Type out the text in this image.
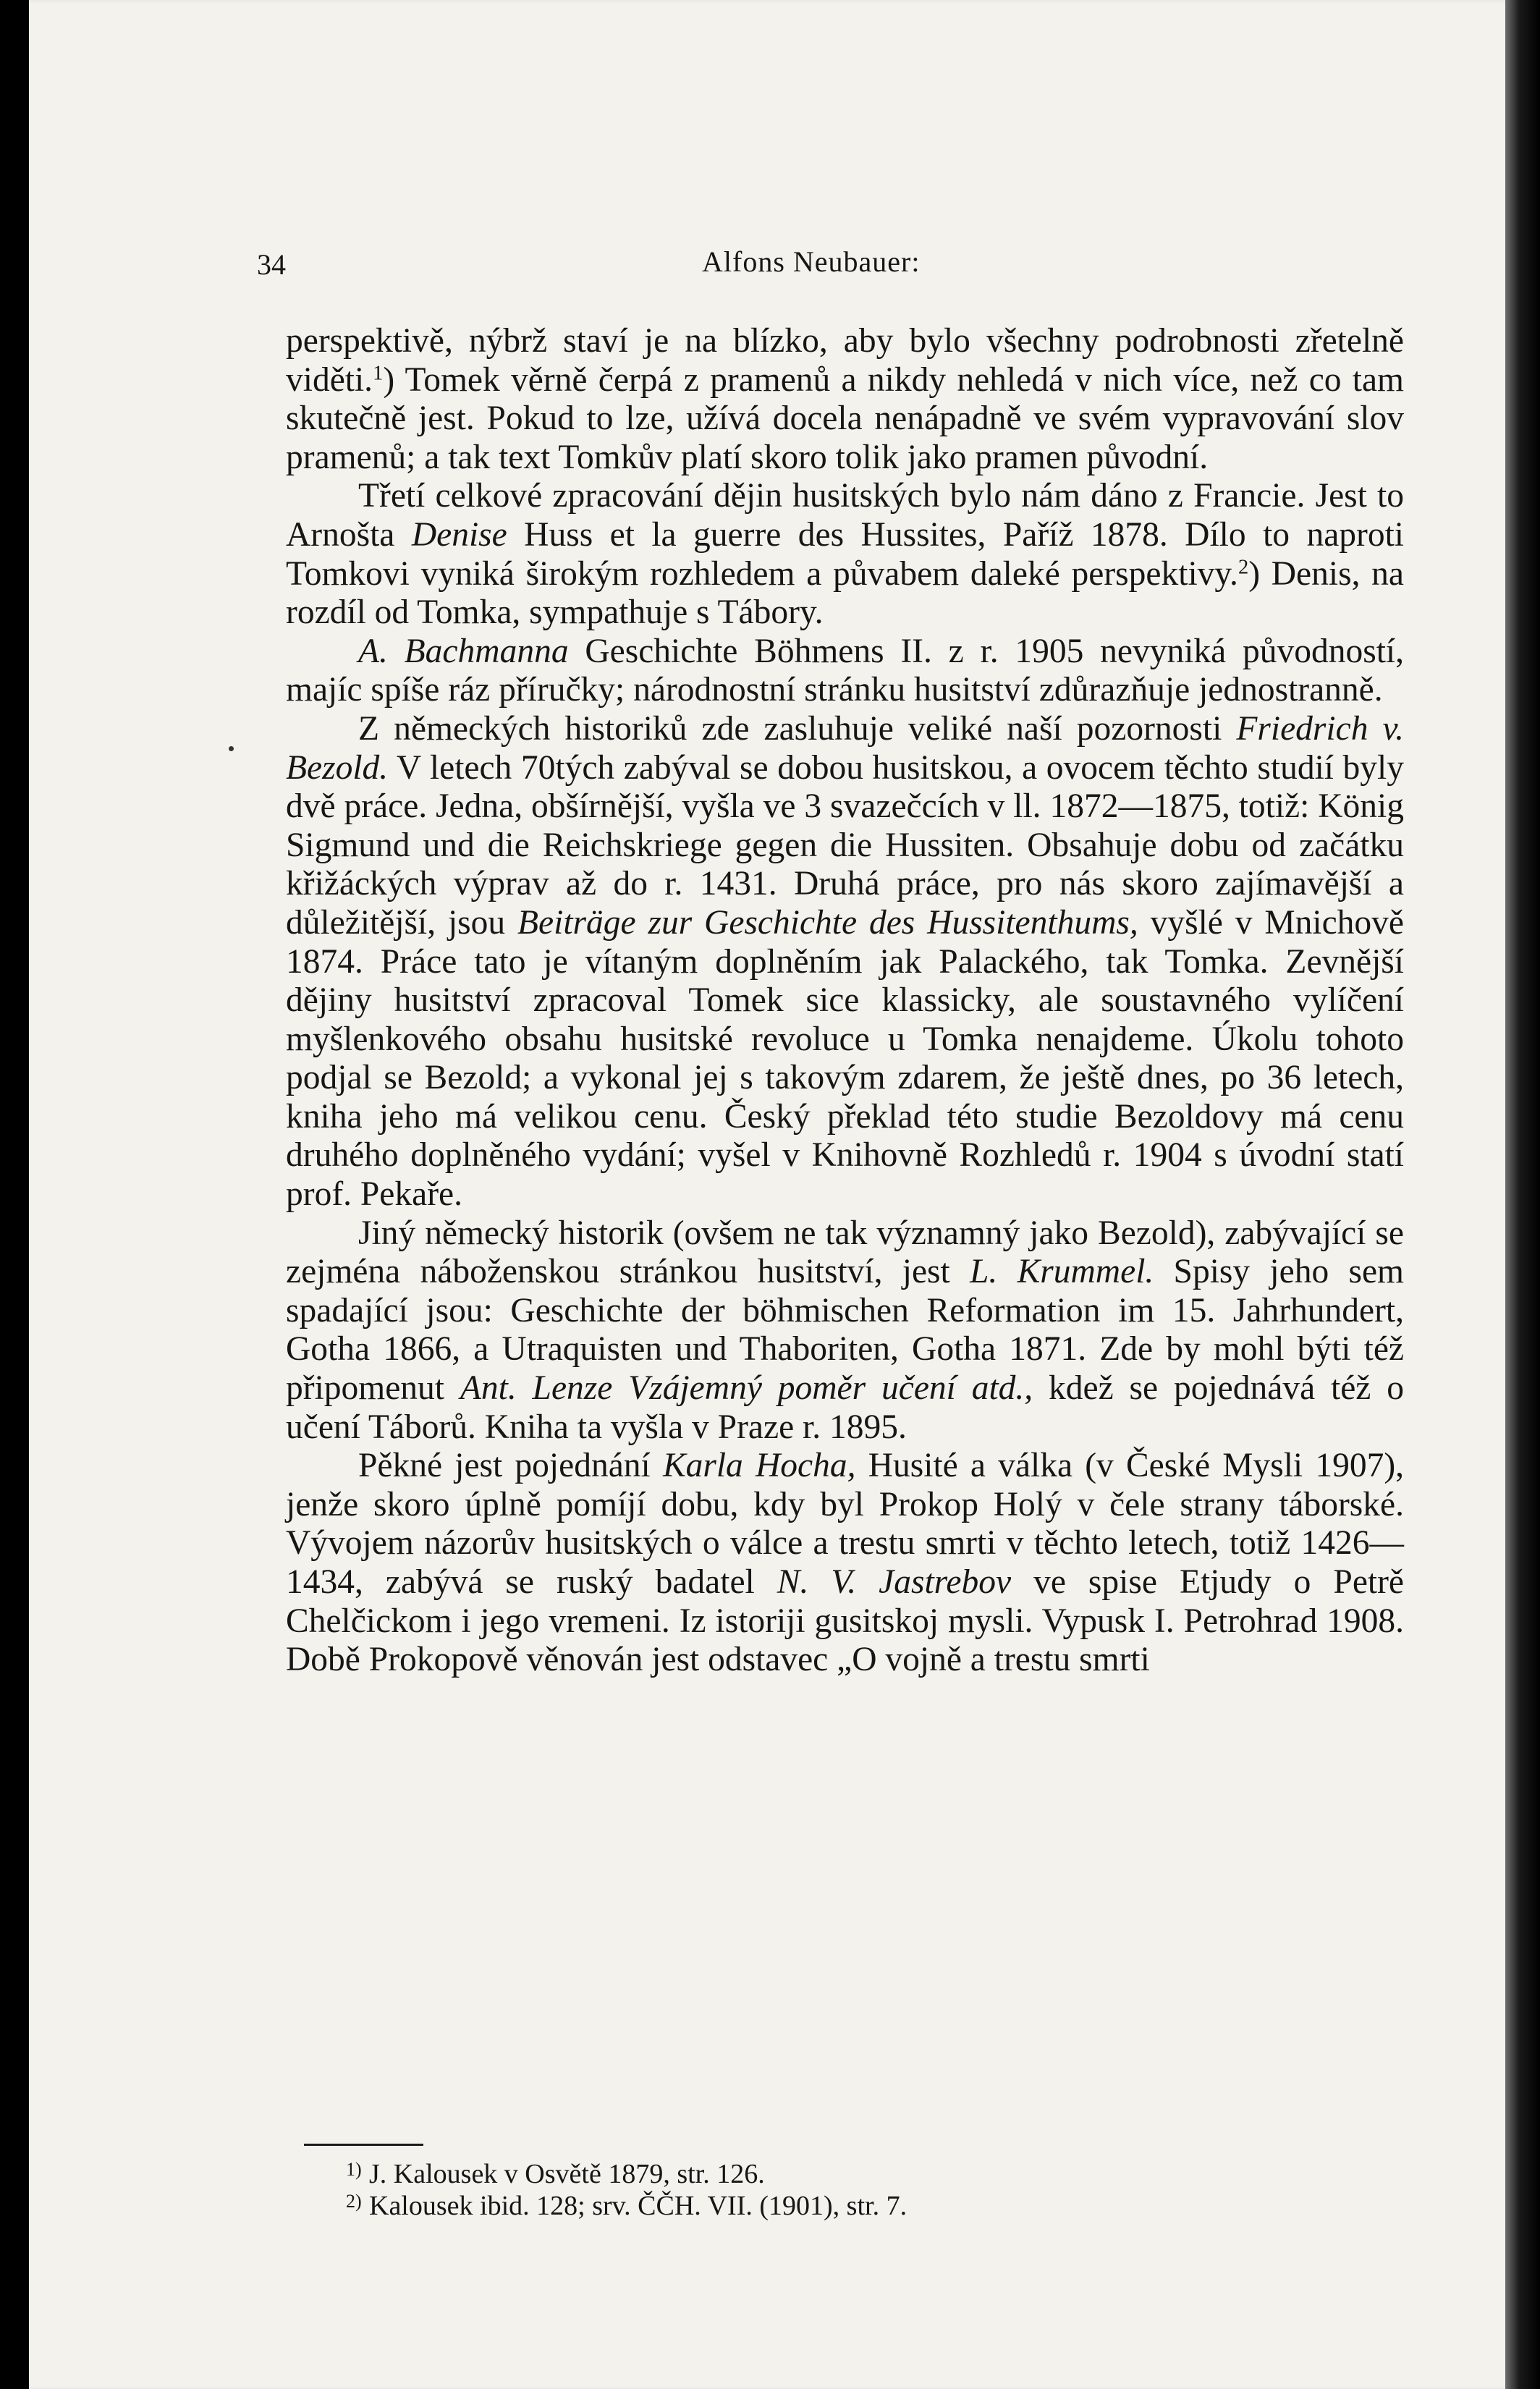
34	Alfons Neubauer:

perspektivě, nýbrž staví je na blízko, aby bylo všechny podrobnosti zřetelně viděti.$^1$) Tomek věrně čerpá z pramenů a nikdy nehledá v nich více, než co tam skutečně jest. Pokud to lze, užívá docela nenápadně ve svém vypravování slov pramenů; a tak text Tomkův platí skoro tolik jako pramen původní.

Třetí celkové zpracování dějin husitských bylo nám dáno z Francie. Jest to Arnošta Denise Huss et la guerre des Hussites, Paříž 1878. Dílo to naproti Tomkovi vyniká širokým rozhledem a půvabem daleké perspektivy.$^2$) Denis, na rozdíl od Tomka, sympathuje s Tábory.

A. Bachmanna Geschichte Böhmens II. z r. 1905 nevyniká původností, majíc spíše ráz příručky; národnostní stránku husitství zdůrazňuje jednostranně.

Z německých historiků zde zasluhuje veliké naší pozornosti Friedrich v. Bezold. V letech 70tých zabýval se dobou husitskou, a ovocem těchto studií byly dvě práce. Jedna, obšírnější, vyšla ve 3 svazečcích v ll. 1872—1875, totiž: König Sigmund und die Reichskriege gegen die Hussiten. Obsahuje dobu od začátku křižáckých výprav až do r. 1431. Druhá práce, pro nás skoro zajímavější a důležitější, jsou Beiträge zur Geschichte des Hussitenthums, vyšlé v Mnichově 1874. Práce tato je vítaným doplněním jak Palackého, tak Tomka. Zevnější dějiny husitství zpracoval Tomek sice klassicky, ale soustavného vylíčení myšlenkového obsahu husitské revoluce u Tomka nenajdeme. Úkolu tohoto podjal se Bezold; a vykonal jej s takovým zdarem, že ještě dnes, po 36 letech, kniha jeho má velikou cenu. Český překlad této studie Bezoldovy má cenu druhého doplněného vydání; vyšel v Knihovně Rozhledů r. 1904 s úvodní statí prof. Pekaře.

Jiný německý historik (ovšem ne tak významný jako Bezold), zabývající se zejména náboženskou stránkou husitství, jest L. Krummel. Spisy jeho sem spadající jsou: Geschichte der böhmischen Reformation im 15. Jahrhundert, Gotha 1866, a Utraquisten und Thaboriten, Gotha 1871. Zde by mohl býti též připomenut Ant. Lenze Vzájemný poměr učení atd., kdež se pojednává též o učení Táborů. Kniha ta vyšla v Praze r. 1895.

Pěkné jest pojednání Karla Hocha, Husité a válka (v České Mysli 1907), jenže skoro úplně pomíjí dobu, kdy byl Prokop Holý v čele strany táborské. Vývojem názorův husitských o válce a trestu smrti v těchto letech, totiž 1426—1434, zabývá se ruský badatel N. V. Jastrebov ve spise Etjudy o Petrě Chelčickom i jego vremeni. Iz istoriji gusitskoj mysli. Vypusk I. Petrohrad 1908. Době Prokopově věnován jest odstavec „O vojně a trestu smrti

1) J. Kalousek v Osvětě 1879, str. 126.
2) Kalousek ibid. 128; srv. ČČH. VII. (1901), str. 7.
